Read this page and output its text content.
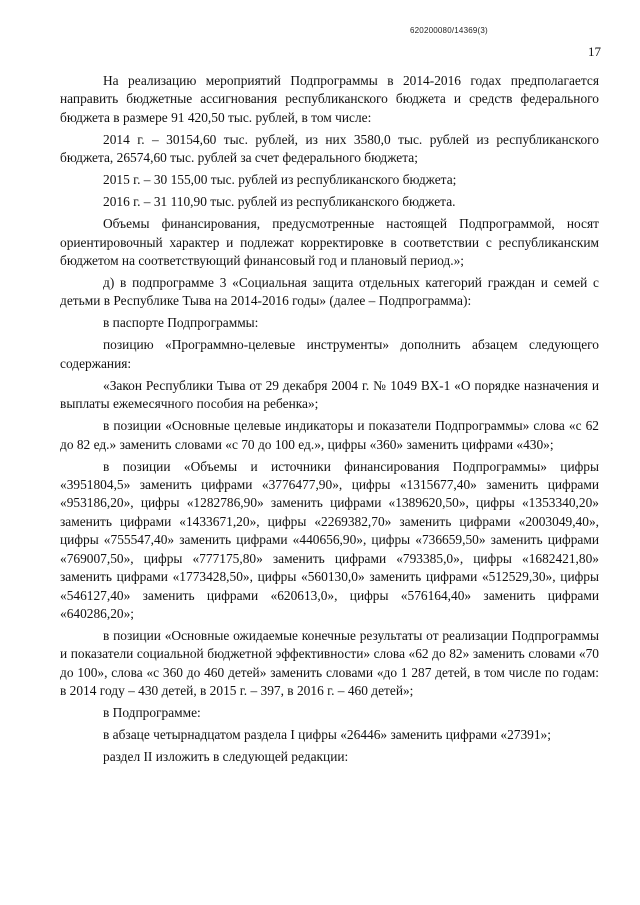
620200080/14369(3)
17

На реализацию мероприятий Подпрограммы в 2014-2016 годах предполагается направить бюджетные ассигнования республиканского бюджета и средств федерального бюджета в размере 91 420,50 тыс. рублей, в том числе:

2014 г. – 30154,60 тыс. рублей, из них 3580,0 тыс. рублей из республиканского бюджета, 26574,60 тыс. рублей за счет федерального бюджета;

2015 г. – 30 155,00 тыс. рублей из республиканского бюджета;

2016 г. – 31 110,90 тыс. рублей из республиканского бюджета.

Объемы финансирования, предусмотренные настоящей Подпрограммой, носят ориентировочный характер и подлежат корректировке в соответствии с республиканским бюджетом на соответствующий финансовый год и плановый период.»;

д) в подпрограмме 3 «Социальная защита отдельных категорий граждан и семей с детьми в Республике Тыва на 2014-2016 годы» (далее – Подпрограмма):

в паспорте Подпрограммы:

позицию «Программно-целевые инструменты» дополнить абзацем следующего содержания:

«Закон Республики Тыва от 29 декабря 2004 г. № 1049 ВХ-1 «О порядке назначения и выплаты ежемесячного пособия на ребенка»;

в позиции «Основные целевые индикаторы и показатели Подпрограммы» слова «с 62 до 82 ед.» заменить словами «с 70 до 100 ед.», цифры «360» заменить цифрами «430»;

в позиции «Объемы и источники финансирования Подпрограммы» цифры «3951804,5» заменить цифрами «3776477,90», цифры «1315677,40» заменить цифрами «953186,20», цифры «1282786,90» заменить цифрами «1389620,50», цифры «1353340,20» заменить цифрами «1433671,20», цифры «2269382,70» заменить цифрами «2003049,40», цифры «755547,40» заменить цифрами «440656,90», цифры «736659,50» заменить цифрами «769007,50», цифры «777175,80» заменить цифрами «793385,0», цифры «1682421,80» заменить цифрами «1773428,50», цифры «560130,0» заменить цифрами «512529,30», цифры «546127,40» заменить цифрами «620613,0», цифры «576164,40» заменить цифрами «640286,20»;

в позиции «Основные ожидаемые конечные результаты от реализации Подпрограммы и показатели социальной бюджетной эффективности» слова «62 до 82» заменить словами «70 до 100», слова «с 360 до 460 детей» заменить словами «до 1 287 детей, в том числе по годам: в 2014 году – 430 детей, в 2015 г. – 397, в 2016 г. – 460 детей»;

в Подпрограмме:

в абзаце четырнадцатом раздела I цифры «26446» заменить цифрами «27391»;

раздел II изложить в следующей редакции:
